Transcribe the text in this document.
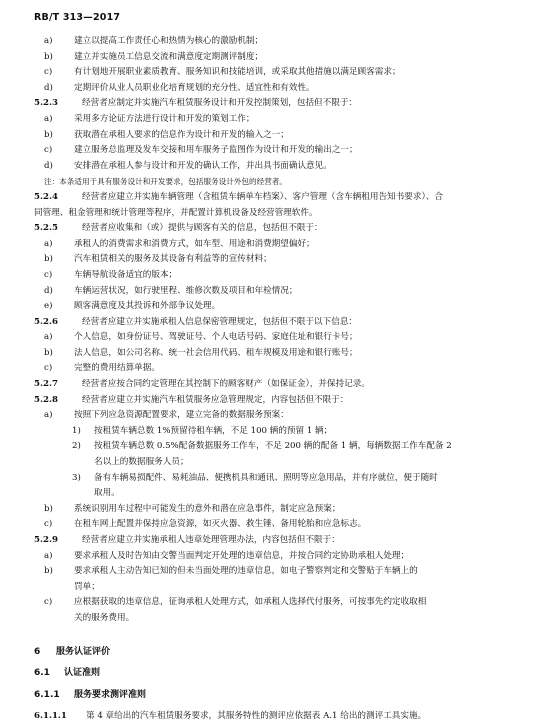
RB/T 313—2017
a)	建立以提高工作责任心和热情为核心的激励机制；
b)	建立并实施员工信息交流和满意度定期测评制度；
c)	有计划地开展职业素质教育、服务知识和技能培训，或采取其他措施以满足顾客需求；
d)	定期评价从业人员职业化培育规划的充分性、适宜性和有效性。
5.2.3	经营者应制定并实施汽车租赁服务设计和开发控制策划，包括但不限于：
a)	采用多方论证方法进行设计和开发的策划工作；
b)	获取潜在承租人要求的信息作为设计和开发的输入之一；
c)	建立服务总监理及发车交接和用车服务子监图作为设计和开发的输出之一；
d)	安排潜在承租人参与设计和开发的确认工作，并出具书面确认意见。
注：本条适用于具有服务设计和开发要求，包括服务设计外包的经营者。
5.2.4	经营者应建立并实施车辆管理（含租赁车辆单车档案）、客户管理（含车辆租用告知书要求）、合
同管理、租金管理和统计管理等程序，并配置计算机设备及经营管理软件。
5.2.5	经营者应收集和（或）提供与顾客有关的信息，包括但不限于：
a)	承租人的消费需求和消费方式，如车型、用途和消费期望偏好；
b)	汽车租赁相关的服务及其设备有利益等的宣传材料；
c)	车辆导航设备适宜的版本；
d)	车辆运营状况，如行驶里程、维修次数及项目和年检情况；
e)	顾客满意度及其投诉和外部争议处理。
5.2.6	经营者应建立并实施承租人信息保密管理规定，包括但不限于以下信息：
a)	个人信息，如身份证号、驾驶证号、个人电话号码、家庭住址和银行卡号；
b)	法人信息，如公司名称、统一社会信用代码、租车规模及用途和银行账号；
c)	完整的费用结算单据。
5.2.7	经营者应按合同约定管理在其控制下的顾客财产（如保证金），并保持记录。
5.2.8	经营者应建立并实施汽车租赁服务应急管理规定，内容包括但不限于：
a)	按照下列应急资源配置要求，建立完备的数据服务预案：
1)	按租赁车辆总数 1%预留待租车辆，不足 100 辆的预留 1 辆；
2)	按租赁车辆总数 0.5%配备数据服务工作车，不足 200 辆的配备 1 辆，每辆数据工作车配备 2
名以上的数据服务人员；
3)	备有车辆易损配件、易耗油品、便携机具和通讯、照明等应急用品，并有序就位，便于随时
取用。
b)	系统识别用车过程中可能发生的意外和潜在应急事件，制定应急预案；
c)	在租车网上配置并保持应急资源，如灭火器、救生锤、备用轮胎和应急标志。
5.2.9	经营者应建立并实施承租人违章处理管理办法，内容包括但不限于：
a)	要求承租人及时告知由交警当面判定开处理的违章信息，并按合同约定协助承租人处理；
b)	要求承租人主动告知已知的但未当面处理的违章信息，如电子警察判定和交警贴于车辆上的
罚单；
c)	应根据获取的违章信息，征询承租人处理方式，如承租人选择代付服务，可按事先约定收取相
关的服务费用。
6	服务认证评价
6.1	认证准则
6.1.1	服务要求测评准则
6.1.1.1	第 4 章给出的汽车租赁服务要求，其服务特性的测评应依据表 A.1 给出的测评工具实施。
